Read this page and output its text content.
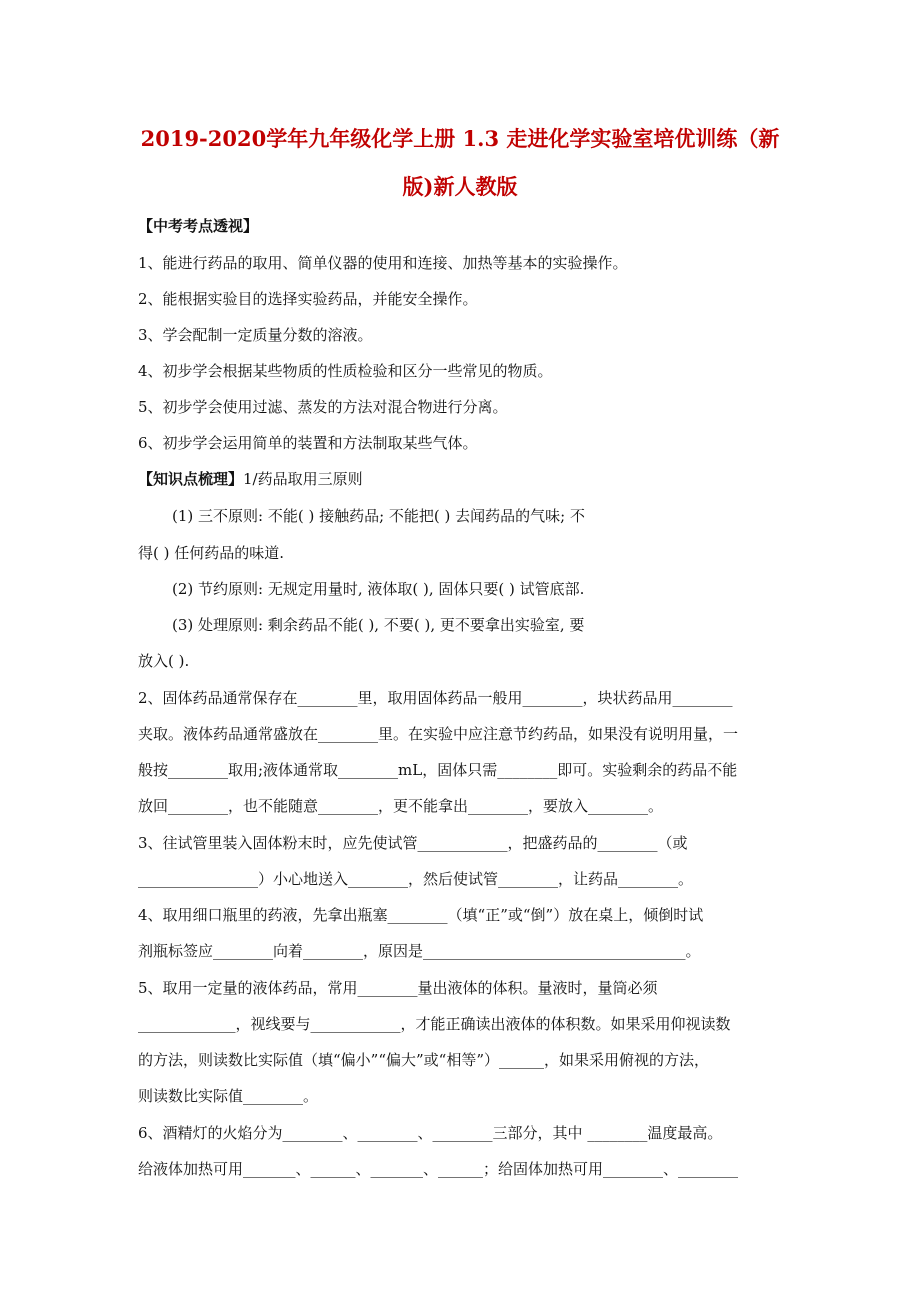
2019-2020学年九年级化学上册 1.3 走进化学实验室培优训练（新
版)新人教版
【中考考点透视】
1、能进行药品的取用、简单仪器的使用和连接、加热等基本的实验操作。
2、能根据实验目的选择实验药品，并能安全操作。
3、学会配制一定质量分数的溶液。
4、初步学会根据某些物质的性质检验和区分一些常见的物质。
5、初步学会使用过滤、蒸发的方法对混合物进行分离。
6、初步学会运用简单的装置和方法制取某些气体。
【知识点梳理】1/药品取用三原则
(1) 三不原则: 不能( ) 接触药品; 不能把( ) 去闻药品的气味; 不
得( ) 任何药品的味道.
(2) 节约原则: 无规定用量时, 液体取( ), 固体只要( ) 试管底部.
(3) 处理原则: 剩余药品不能( ), 不要( ), 更不要拿出实验室, 要
放入( ).
2、固体药品通常保存在________里，取用固体药品一般用________，块状药品用________
夹取。液体药品通常盛放在________里。在实验中应注意节约药品，如果没有说明用量，一
般按________取用;液体通常取________mL，固体只需________即可。实验剩余的药品不能
放回________，也不能随意________，更不能拿出________，要放入________。
3、往试管里装入固体粉末时，应先使试管____________，把盛药品的________（或
________________）小心地送入________，然后使试管________，让药品________。
4、取用细口瓶里的药液，先拿出瓶塞________（填“正”或“倒”）放在桌上，倾倒时试
剂瓶标签应________向着________，原因是___________________________________。
5、取用一定量的液体药品，常用________量出液体的体积。量液时，量筒必须
_____________，视线要与____________，才能正确读出液体的体积数。如果采用仰视读数
的方法，则读数比实际值（填“偏小”“偏大”或“相等”）______，如果采用俯视的方法，
则读数比实际值________。
6、酒精灯的火焰分为________、________、________三部分，其中 ________温度最高。
给液体加热可用_______、______、_______、______；给固体加热可用________、________
